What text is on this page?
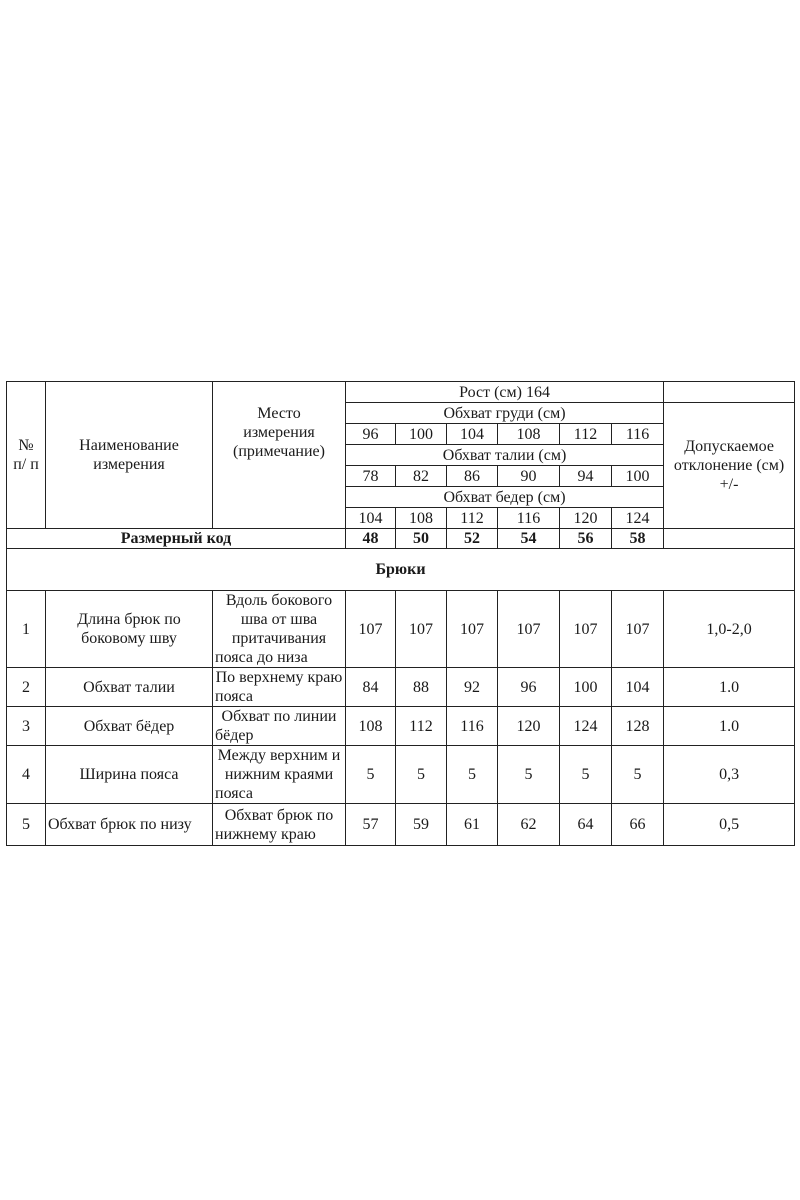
№ п/ п	Наименование измерения	Место измерения (примечание)	Рост (см) 164						
			Обхват груди (см)						Допускаемое отклонение (см) +/-
			96	100	104	108	112	116	
			Обхват талии (см)						
			78	82	86	90	94	100	
			Обхват бедер (см)						
			104	108	112	116	120	124	
Размерный код			48	50	52	54	56	58	
Брюки									
1	Длина брюк по боковому шву	Вдоль бокового шва от шва притачивания пояса до низа	107	107	107	107	107	107	1,0-2,0
2	Обхват талии	По верхнему краю пояса	84	88	92	96	100	104	1.0
3	Обхват бёдер	Обхват по линии бёдер	108	112	116	120	124	128	1.0
4	Ширина пояса	Между верхним и нижним краями пояса	5	5	5	5	5	5	0,3
5	Обхват брюк по низу	Обхват брюк по нижнему краю	57	59	61	62	64	66	0,5
